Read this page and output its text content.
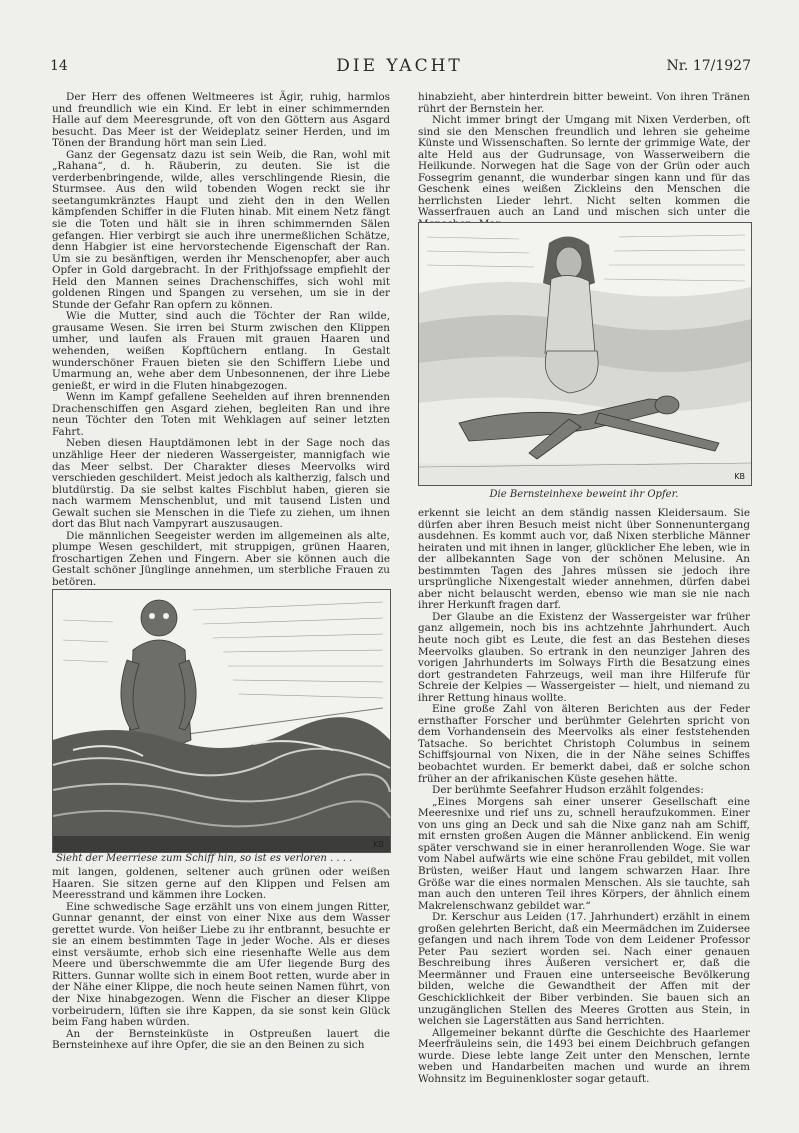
14	DIE YACHT	Nr. 17/1927

Der Herr des offenen Weltmeeres ist Ägir, ruhig, harmlos und freundlich wie ein Kind. Er lebt in einer schimmernden Halle auf dem Meeresgrunde, oft von den Göttern aus Asgard besucht. Das Meer ist der Weideplatz seiner Herden, und im Tönen der Brandung hört man sein Lied.

Ganz der Gegensatz dazu ist sein Weib, die Ran, wohl mit „Rahana“, d. h. Räuberin, zu deuten. Sie ist die verderbenbringende, wilde, alles verschlingende Riesin, die Sturmsee. Aus den wild tobenden Wogen reckt sie ihr seetangumkränztes Haupt und zieht den in den Wellen kämpfenden Schiffer in die Fluten hinab. Mit einem Netz fängt sie die Toten und hält sie in ihren schimmernden Sälen gefangen. Hier verbirgt sie auch ihre unermeßlichen Schätze, denn Habgier ist eine hervorstechende Eigenschaft der Ran. Um sie zu besänftigen, werden ihr Menschenopfer, aber auch Opfer in Gold dargebracht. In der Frithjofssage empfiehlt der Held den Mannen seines Drachenschiffes, sich wohl mit goldenen Ringen und Spangen zu versehen, um sie in der Stunde der Gefahr Ran opfern zu können.

Wie die Mutter, sind auch die Töchter der Ran wilde, grausame Wesen. Sie irren bei Sturm zwischen den Klippen umher, und laufen als Frauen mit grauen Haaren und wehenden, weißen Kopftüchern entlang. In Gestalt wunderschöner Frauen bieten sie den Schiffern Liebe und Umarmung an, wehe aber dem Unbesonnenen, der ihre Liebe genießt, er wird in die Fluten hinabgezogen.

Wenn im Kampf gefallene Seehelden auf ihren brennenden Drachenschiffen gen Asgard ziehen, begleiten Ran und ihre neun Töchter den Toten mit Wehklagen auf seiner letzten Fahrt.

Neben diesen Hauptdämonen lebt in der Sage noch das unzählige Heer der niederen Wassergeister, mannigfach wie das Meer selbst. Der Charakter dieses Meervolks wird verschieden geschildert. Meist jedoch als kaltherzig, falsch und blutdürstig. Da sie selbst kaltes Fischblut haben, gieren sie nach warmem Menschenblut, und mit tausend Listen und Gewalt suchen sie Menschen in die Tiefe zu ziehen, um ihnen dort das Blut nach Vampyrart auszusaugen.

Die männlichen Seegeister werden im allgemeinen als alte, plumpe Wesen geschildert, mit struppigen, grünen Haaren, froschartigen Zehen und Fingern. Aber sie können auch die Gestalt schöner Jünglinge annehmen, um sterbliche Frauen zu betören.

KB
Sieht der Meerriese zum Schiff hin, so ist es verloren . . . .

mit langen, goldenen, seltener auch grünen oder weißen Haaren. Sie sitzen gerne auf den Klippen und Felsen am Meeresstrand und kämmen ihre Locken.

Eine schwedische Sage erzählt uns von einem jungen Ritter, Gunnar genannt, der einst von einer Nixe aus dem Wasser gerettet wurde. Von heißer Liebe zu ihr entbrannt, besuchte er sie an einem bestimmten Tage in jeder Woche. Als er dieses einst versäumte, erhob sich eine riesenhafte Welle aus dem Meere und überschwemmte die am Ufer liegende Burg des Ritters. Gunnar wollte sich in einem Boot retten, wurde aber in der Nähe einer Klippe, die noch heute seinen Namen führt, von der Nixe hinabgezogen. Wenn die Fischer an dieser Klippe vorbeirudern, lüften sie ihre Kappen, da sie sonst kein Glück beim Fang haben würden.

An der Bernsteinküste in Ostpreußen lauert die Bernsteinhexe auf ihre Opfer, die sie an den Beinen zu sich

hinabzieht, aber hinterdrein bitter beweint. Von ihren Tränen rührt der Bernstein her.

Nicht immer bringt der Umgang mit Nixen Verderben, oft sind sie den Menschen freundlich und lehren sie geheime Künste und Wissenschaften. So lernte der grimmige Wate, der alte Held aus der Gudrunsage, von Wasserweibern die Heilkunde. Norwegen hat die Sage von der Grün oder auch Fossegrim genannt, die wunderbar singen kann und für das Geschenk eines weißen Zickleins den Menschen die herrlichsten Lieder lehrt. Nicht selten kommen die Wasserfrauen auch an Land und mischen sich unter die

KB
Die Bernsteinhexe beweint ihr Opfer.

erkennt sie leicht an dem ständig nassen Kleidersaum. Sie dürfen aber ihren Besuch meist nicht über Sonnenuntergang ausdehnen. Es kommt auch vor, daß Nixen sterbliche Männer heiraten und mit ihnen in langer, glücklicher Ehe leben, wie in der allbekannten Sage von der schönen Melusine. An bestimmten Tagen des Jahres müssen sie jedoch ihre ursprüngliche Nixengestalt wieder annehmen, dürfen dabei aber nicht belauscht werden, ebenso wie man sie nie nach ihrer Herkunft fragen darf.

Der Glaube an die Existenz der Wassergeister war früher ganz allgemein, noch bis ins achtzehnte Jahrhundert. Auch heute noch gibt es Leute, die fest an das Bestehen dieses Meervolks glauben. So ertrank in den neunziger Jahren des vorigen Jahrhunderts im Solways Firth die Besatzung eines dort gestrandeten Fahrzeugs, weil man ihre Hilferufe für Schreie der Kelpies — Wassergeister — hielt, und niemand zu ihrer Rettung hinaus wollte.

Eine große Zahl von älteren Berichten aus der Feder ernsthafter Forscher und berühmter Gelehrten spricht von dem Vorhandensein des Meervolks als einer feststehenden Tatsache. So berichtet Christoph Columbus in seinem Schiffsjournal von Nixen, die in der Nähe seines Schiffes beobachtet wurden. Er bemerkt dabei, daß er solche schon früher an der afrikanischen Küste gesehen hätte.

Der berühmte Seefahrer Hudson erzählt folgendes:

„Eines Morgens sah einer unserer Gesellschaft eine Meeresnixe und rief uns zu, schnell heraufzukommen. Einer von uns ging an Deck und sah die Nixe ganz nah am Schiff, mit ernsten großen Augen die Männer anblickend. Ein wenig später verschwand sie in einer heranrollenden Woge. Sie war vom Nabel aufwärts wie eine schöne Frau gebildet, mit vollen Brüsten, weißer Haut und langem schwarzen Haar. Ihre Größe war die eines normalen Menschen. Als sie tauchte, sah man auch den unteren Teil ihres Körpers, der ähnlich einem Makrelenschwanz gebildet war.“

Dr. Kerschur aus Leiden (17. Jahrhundert) erzählt in einem großen gelehrten Bericht, daß ein Meermädchen im Zuidersee gefangen und nach ihrem Tode von dem Leidener Professor Peter Pau seziert worden sei. Nach einer genauen Beschreibung ihres Äußeren versichert er, daß die Meermänner und Frauen eine unterseeische Bevölkerung bilden, welche die Gewandtheit der Affen mit der Geschicklichkeit der Biber verbinden. Sie bauen sich an unzugänglichen Stellen des Meeres Grotten aus Stein, in welchen sie Lagerstätten aus Sand herrichten.

Allgemeiner bekannt dürfte die Geschichte des Haarlemer Meerfräuleins sein, die 1493 bei einem Deichbruch gefangen wurde. Diese lebte lange Zeit unter den Menschen, lernte weben und Handarbeiten machen und wurde an ihrem Wohnsitz im Beguinenkloster sogar getauft.
